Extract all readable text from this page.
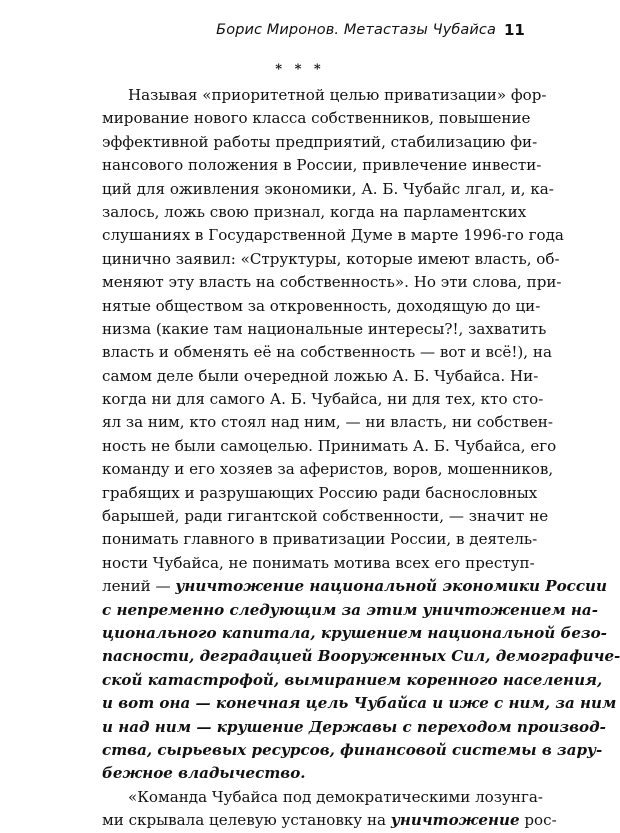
Борис Миронов. Метастазы Чубайса 11
* * *
Называя «приоритетной целью приватизации» фор-
мирование нового класса собственников, повышение
эффективной работы предприятий, стабилизацию фи-
нансового положения в России, привлечение инвести-
ций для оживления экономики, А. Б. Чубайс лгал, и, ка-
залось, ложь свою признал, когда на парламентских
слушаниях в Государственной Думе в марте 1996-го года
цинично заявил: «Структуры, которые имеют власть, об-
меняют эту власть на собственность». Но эти слова, при-
нятые обществом за откровенность, доходящую до ци-
низма (какие там национальные интересы?!, захватить
власть и обменять её на собственность — вот и всё!), на
самом деле были очередной ложью А. Б. Чубайса. Ни-
когда ни для самого А. Б. Чубайса, ни для тех, кто сто-
ял за ним, кто стоял над ним, — ни власть, ни собствен-
ность не были самоцелью. Принимать А. Б. Чубайса, его
команду и его хозяев за аферистов, воров, мошенников,
грабящих и разрушающих Россию ради баснословных
барышей, ради гигантской собственности, — значит не
понимать главного в приватизации России, в деятель-
ности Чубайса, не понимать мотива всех его преступ-
лений — уничтожение национальной экономики России
с непременно следующим за этим уничтожением на-
ционального капитала, крушением национальной безо-
пасности, деградацией Вооруженных Сил, демографиче-
ской катастрофой, вымиранием коренного населения,
и вот она — конечная цель Чубайса и иже с ним, за ним
и над ним — крушение Державы с переходом производ-
ства, сырьевых ресурсов, финансовой системы в зару-
бежное владычество.
«Команда Чубайса под демократическими лозунга-
ми скрывала целевую установку на уничтожение рос-
